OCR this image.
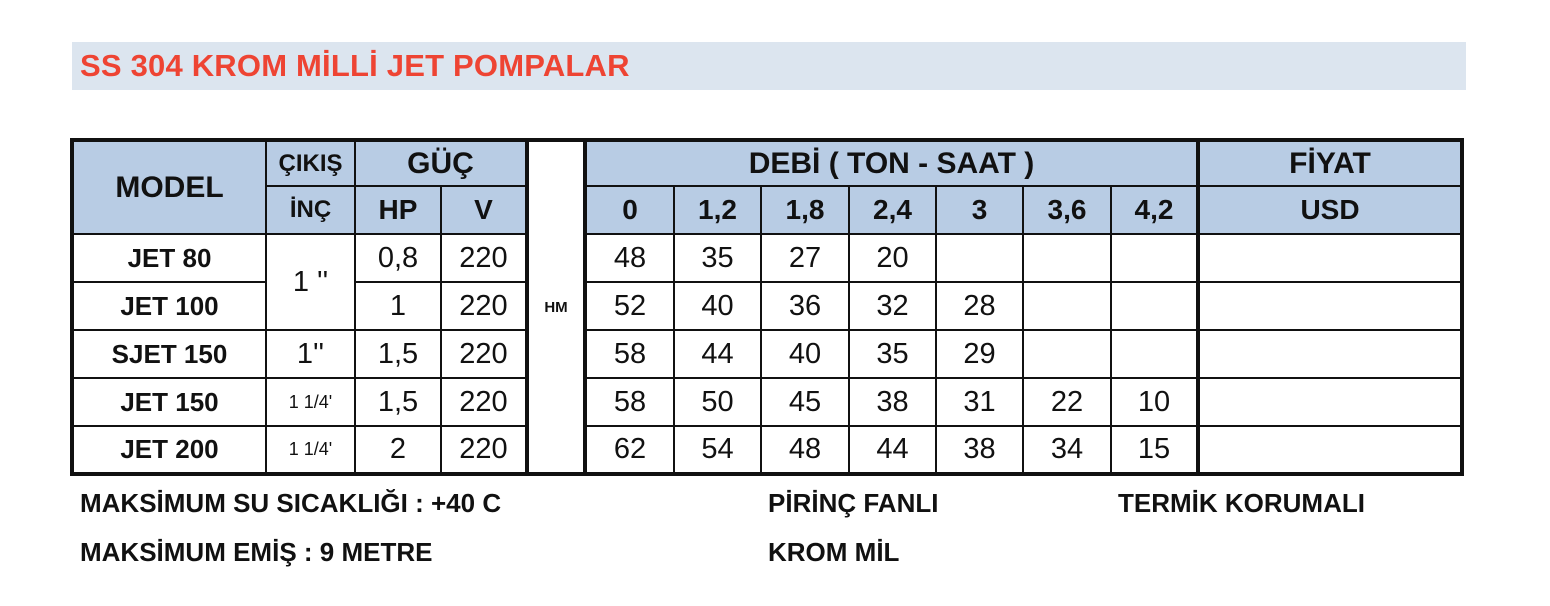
SS 304 KROM MİLLİ JET POMPALAR
MODEL	ÇIKIŞ	GÜÇ		HM	DEBİ ( TON - SAAT )							FİYAT
	İNÇ	HP	V		0	1,2	1,8	2,4	3	3,6	4,2	USD
JET 80	1 ''	0,8	220		48	35	27	20				
JET 100		1	220		52	40	36	32	28			
SJET 150	1''	1,5	220		58	44	40	35	29			
JET 150	1 1/4'	1,5	220		58	50	45	38	31	22	10	
JET 200	1 1/4'	2	220		62	54	48	44	38	34	15	
MAKSİMUM SU SICAKLIĞI : +40 C
MAKSİMUM EMİŞ : 9 METRE
PİRİNÇ FANLI
KROM MİL
TERMİK KORUMALI
